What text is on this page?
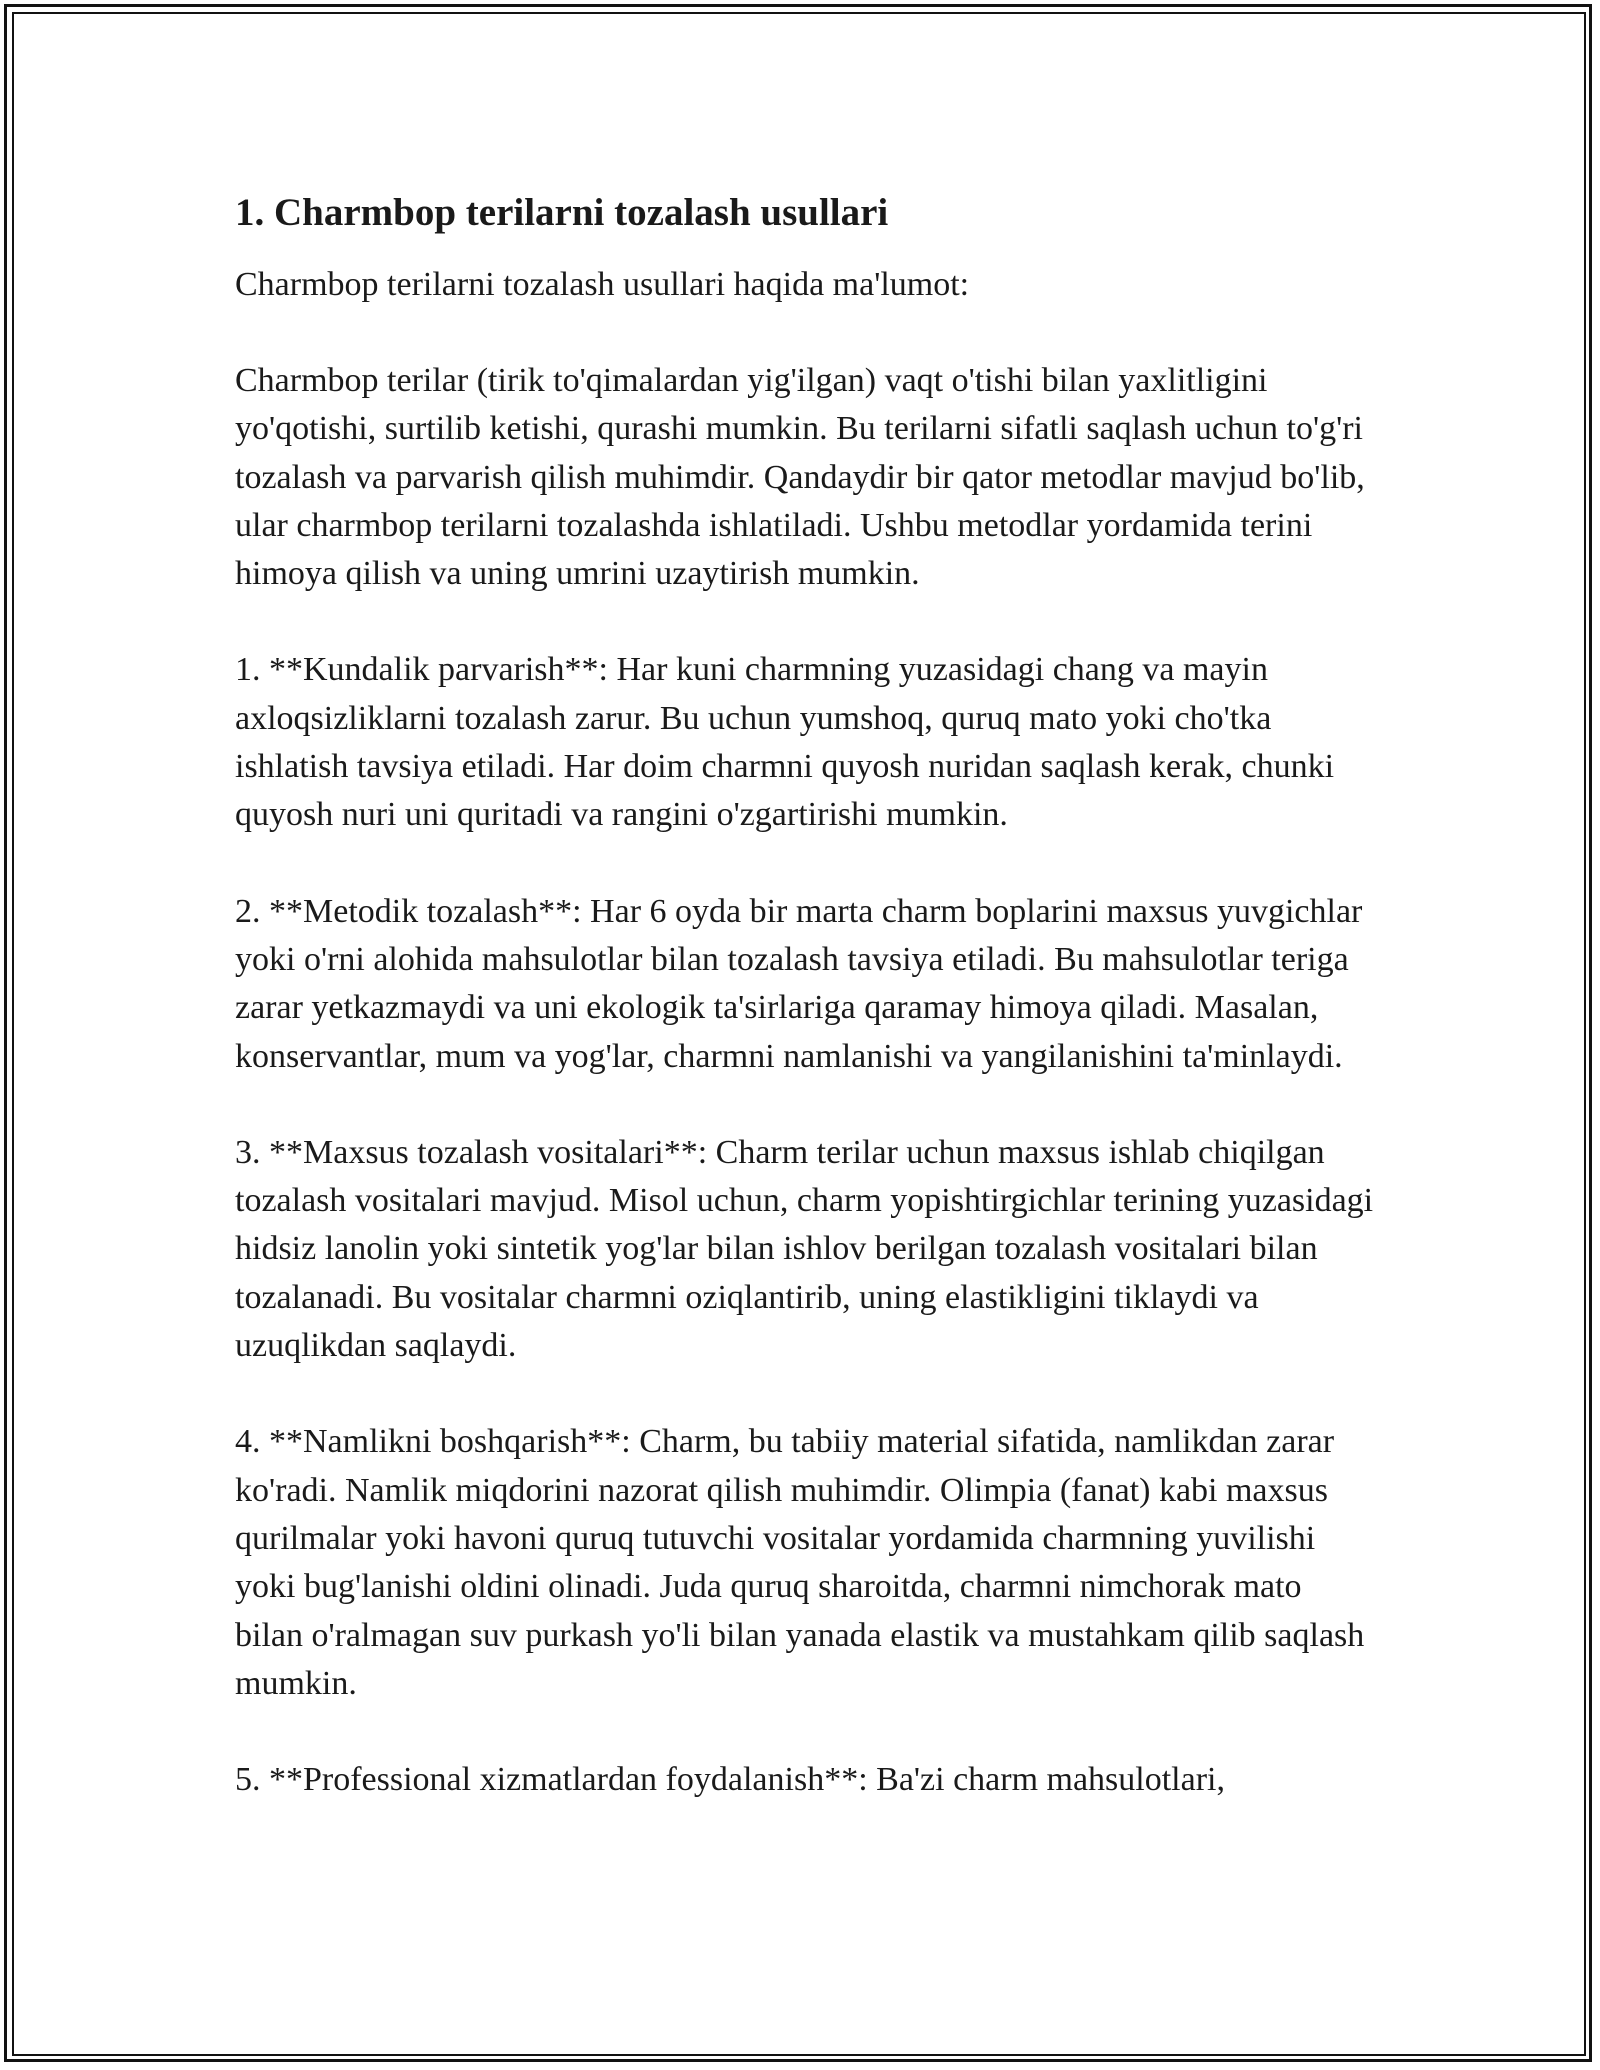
1. Charmbop terilarni tozalash usullari

Charmbop terilarni tozalash usullari haqida ma'lumot:

Charmbop terilar (tirik to'qimalardan yig'ilgan) vaqt o'tishi bilan yaxlitligini yo'qotishi, surtilib ketishi, qurashi mumkin. Bu terilarni sifatli saqlash uchun to'g'ri tozalash va parvarish qilish muhimdir. Qandaydir bir qator metodlar mavjud bo'lib, ular charmbop terilarni tozalashda ishlatiladi. Ushbu metodlar yordamida terini himoya qilish va uning umrini uzaytirish mumkin.

1. **Kundalik parvarish**: Har kuni charmning yuzasidagi chang va mayin axloqsizliklarni tozalash zarur. Bu uchun yumshoq, quruq mato yoki cho'tka ishlatish tavsiya etiladi. Har doim charmni quyosh nuridan saqlash kerak, chunki quyosh nuri uni quritadi va rangini o'zgartirishi mumkin.

2. **Metodik tozalash**: Har 6 oyda bir marta charm boplarini maxsus yuvgichlar yoki o'rni alohida mahsulotlar bilan tozalash tavsiya etiladi. Bu mahsulotlar teriga zarar yetkazmaydi va uni ekologik ta'sirlariga qaramay himoya qiladi. Masalan, konservantlar, mum va yog'lar, charmni namlanishi va yangilanishini ta'minlaydi.

3. **Maxsus tozalash vositalari**: Charm terilar uchun maxsus ishlab chiqilgan tozalash vositalari mavjud. Misol uchun, charm yopishtirgichlar terining yuzasidagi hidsiz lanolin yoki sintetik yog'lar bilan ishlov berilgan tozalash vositalari bilan tozalanadi. Bu vositalar charmni oziqlantirib, uning elastikligini tiklaydi va uzuqlikdan saqlaydi.

4. **Namlikni boshqarish**: Charm, bu tabiiy material sifatida, namlikdan zarar ko'radi. Namlik miqdorini nazorat qilish muhimdir. Olimpia (fanat) kabi maxsus qurilmalar yoki havoni quruq tutuvchi vositalar yordamida charmning yuvilishi yoki bug'lanishi oldini olinadi. Juda quruq sharoitda, charmni nimchorak mato bilan o'ralmagan suv purkash yo'li bilan yanada elastik va mustahkam qilib saqlash mumkin.

5. **Professional xizmatlardan foydalanish**: Ba'zi charm mahsulotlari,
